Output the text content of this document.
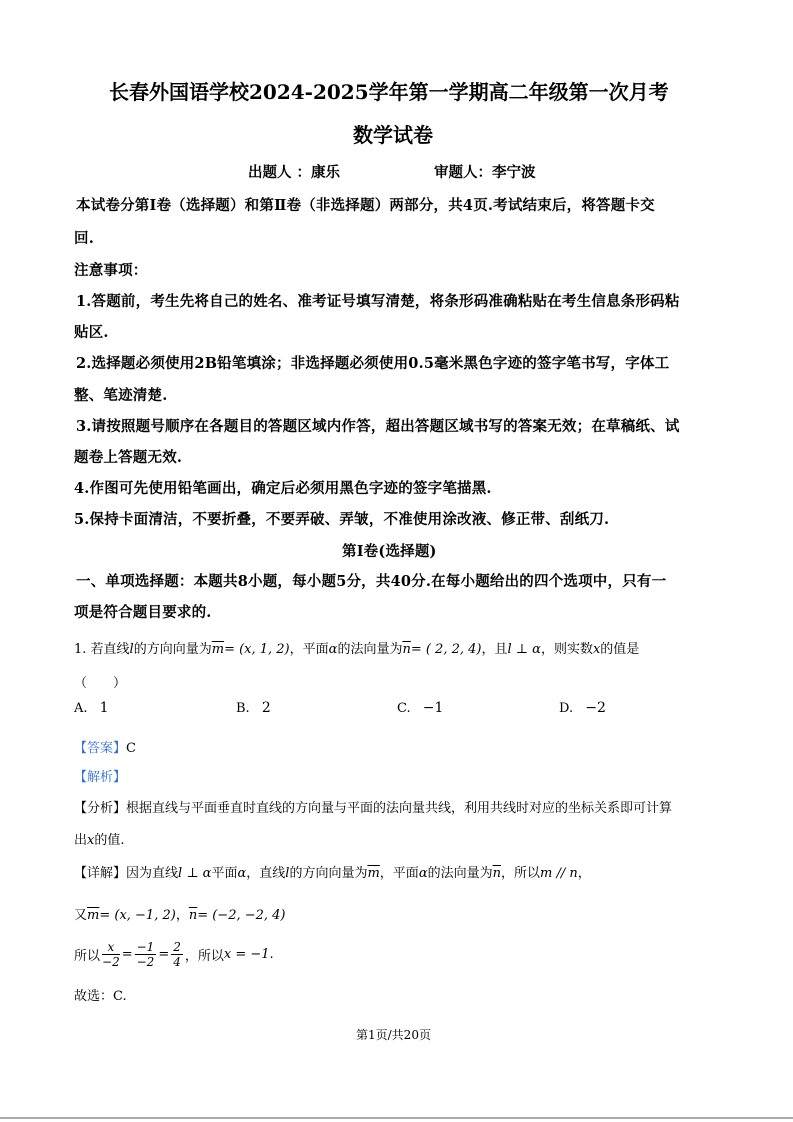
长春外国语学校2024-2025学年第一学期高二年级第一次月考
数学试卷
出题人 ：康乐	审题人：李宁波
本试卷分第Ⅰ卷（选择题）和第Ⅱ卷（非选择题）两部分，共4页.考试结束后，将答题卡交
回.
注意事项：
1.答题前，考生先将自己的姓名、准考证号填写清楚，将条形码准确粘贴在考生信息条形码粘
贴区.
2.选择题必须使用2B铅笔填涂；非选择题必须使用0.5毫米黑色字迹的签字笔书写，字体工
整、笔迹清楚.
3.请按照题号顺序在各题目的答题区域内作答，超出答题区域书写的答案无效；在草稿纸、试
题卷上答题无效.
4.作图可先使用铅笔画出，确定后必须用黑色字迹的签字笔描黑.
5.保持卡面清洁，不要折叠，不要弄破、弄皱，不准使用涂改液、修正带、刮纸刀.
第Ⅰ卷(选择题)
一、单项选择题：本题共8小题，每小题5分，共40分.在每小题给出的四个选项中，只有一
项是符合题目要求的.
1. 若直线l的方向向量为$\overline{m}= (x$, 1, 2)，平面α的法向量为$\overline{n}=$ ( 2, 2, 4)，且l ⊥ α，则实数x的值是
（　　）
A. 1	B. 2	C. −1	D. −2
【答案】C
【解析】
【分析】根据直线与平面垂直时直线的方向量与平面的法向量共线，利用共线时对应的坐标关系即可计算
出x的值.
【详解】因为直线l ⊥ α平面α，直线l的方向向量为$\overline{m}$，平面α的法向量为$\overline{n}$，所以m // n，
又$\overline{m}= (x$, −1, 2)，$\overline{n}= (-2$, −2, 4)
所以 $\frac{x}{-2} = \frac{-1}{-2} = \frac{2}{4}$ ，所以x = −1.
故选：C.
第1页/共20页
